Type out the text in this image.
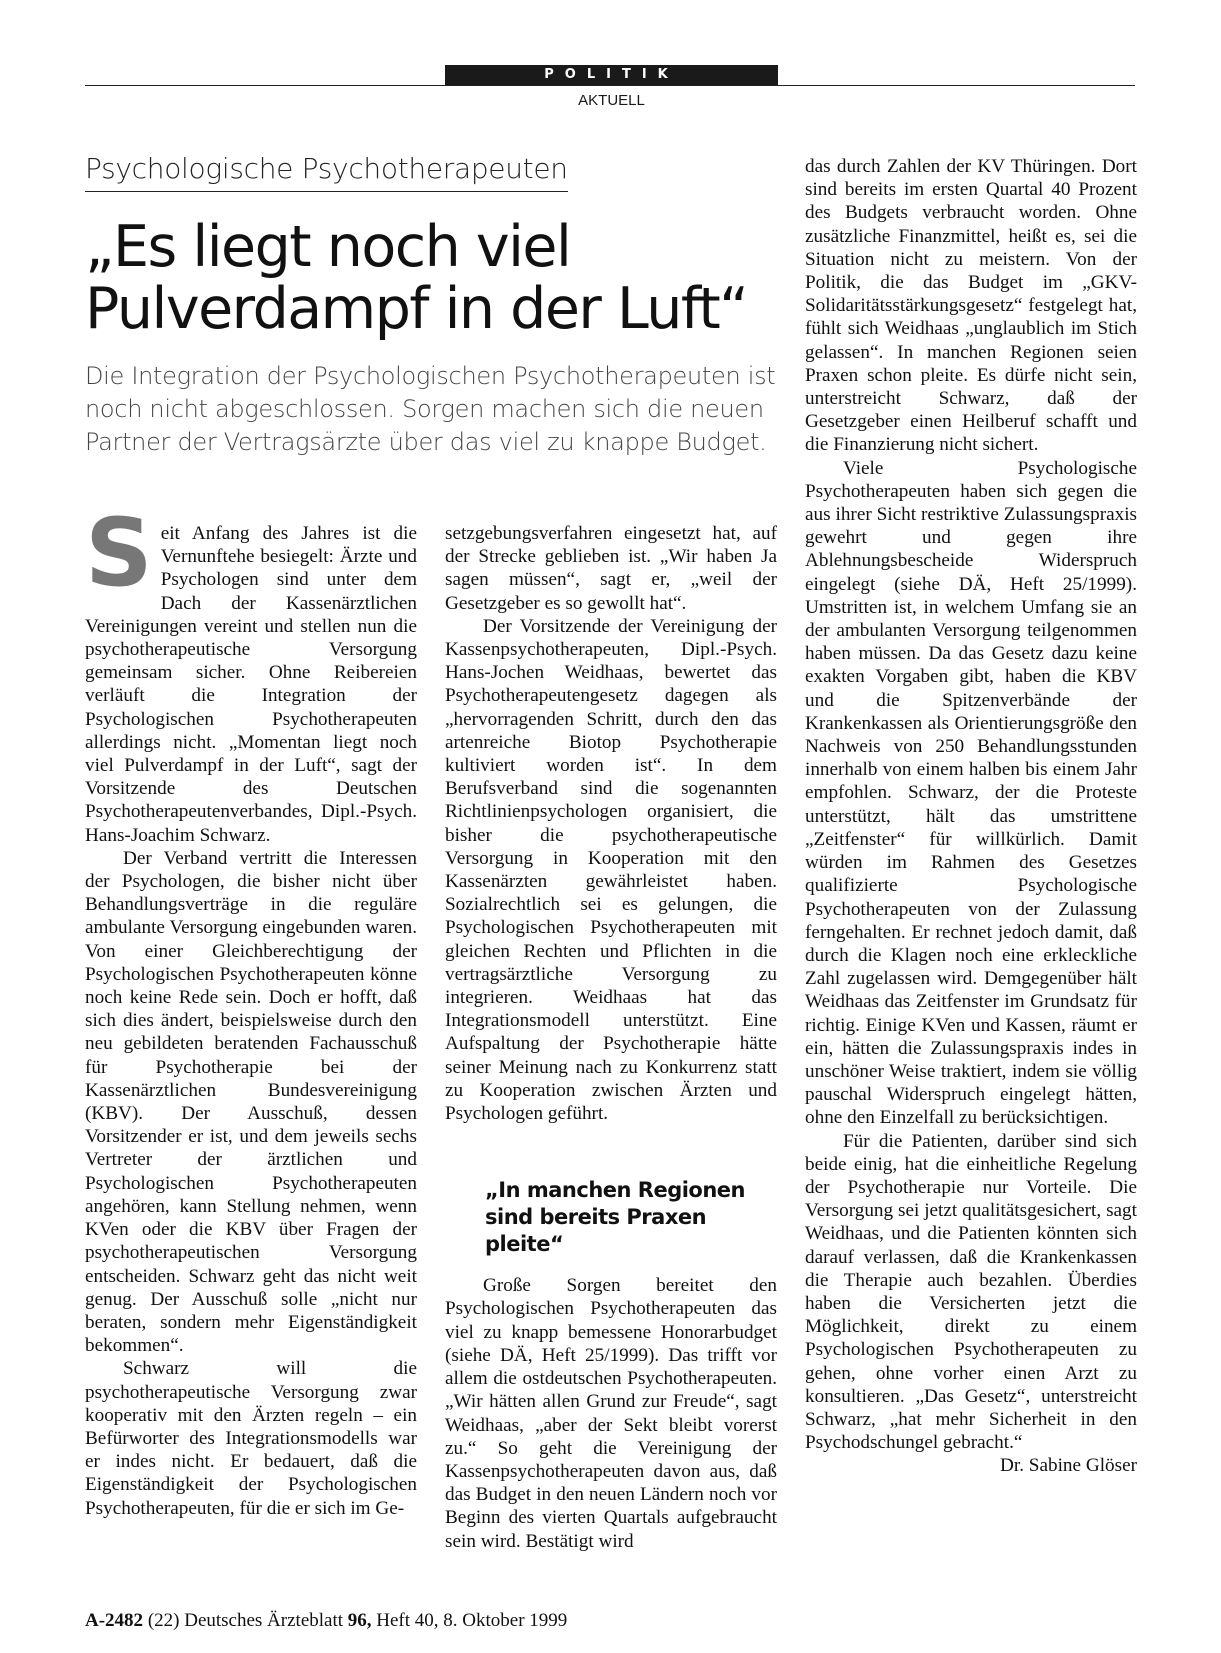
POLITIK
AKTUELL
Psychologische Psychotherapeuten
„Es liegt noch viel
Pulverdampf in der Luft“

Die Integration der Psychologischen Psychotherapeuten ist noch nicht abgeschlossen. Sorgen machen sich die neuen Partner der Vertragsärzte über das viel zu knappe Budget.

Seit Anfang des Jahres ist die Vernunftehe besiegelt: Ärzte und Psychologen sind unter dem Dach der Kassenärztlichen Vereinigungen vereint und stellen nun die psychotherapeutische Versorgung gemeinsam sicher. Ohne Reibereien verläuft die Integration der Psychologischen Psychotherapeuten allerdings nicht. „Momentan liegt noch viel Pulverdampf in der Luft“, sagt der Vorsitzende des Deutschen Psychotherapeutenverbandes, Dipl.-Psych. Hans-Joachim Schwarz.

Der Verband vertritt die Interessen der Psychologen, die bisher nicht über Behandlungsverträge in die reguläre ambulante Versorgung eingebunden waren. Von einer Gleichberechtigung der Psychologischen Psychotherapeuten könne noch keine Rede sein. Doch er hofft, daß sich dies ändert, beispielsweise durch den neu gebildeten beratenden Fachausschuß für Psychotherapie bei der Kassenärztlichen Bundesvereinigung (KBV). Der Ausschuß, dessen Vorsitzender er ist, und dem jeweils sechs Vertreter der ärztlichen und Psychologischen Psychotherapeuten angehören, kann Stellung nehmen, wenn KVen oder die KBV über Fragen der psychotherapeutischen Versorgung entscheiden. Schwarz geht das nicht weit genug. Der Ausschuß solle „nicht nur beraten, sondern mehr Eigenständigkeit bekommen“.

Schwarz will die psychotherapeutische Versorgung zwar kooperativ mit den Ärzten regeln – ein Befürworter des Integrationsmodells war er indes nicht. Er bedauert, daß die Eigenständigkeit der Psychologischen Psychotherapeuten, für die er sich im Ge-

setzgebungsverfahren eingesetzt hat, auf der Strecke geblieben ist. „Wir haben Ja sagen müssen“, sagt er, „weil der Gesetzgeber es so gewollt hat“.

Der Vorsitzende der Vereinigung der Kassenpsychotherapeuten, Dipl.-Psych. Hans-Jochen Weidhaas, bewertet das Psychotherapeutengesetz dagegen als „hervorragenden Schritt, durch den das artenreiche Biotop Psychotherapie kultiviert worden ist“. In dem Berufsverband sind die sogenannten Richtlinienpsychologen organisiert, die bisher die psychotherapeutische Versorgung in Kooperation mit den Kassenärzten gewährleistet haben. Sozialrechtlich sei es gelungen, die Psychologischen Psychotherapeuten mit gleichen Rechten und Pflichten in die vertragsärztliche Versorgung zu integrieren. Weidhaas hat das Integrationsmodell unterstützt. Eine Aufspaltung der Psychotherapie hätte seiner Meinung nach zu Konkurrenz statt zu Kooperation zwischen Ärzten und Psychologen geführt.

„In manchen Regionen
sind bereits Praxen pleite“

Große Sorgen bereitet den Psychologischen Psychotherapeuten das viel zu knapp bemessene Honorarbudget (siehe DÄ, Heft 25/1999). Das trifft vor allem die ostdeutschen Psychotherapeuten. „Wir hätten allen Grund zur Freude“, sagt Weidhaas, „aber der Sekt bleibt vorerst zu.“ So geht die Vereinigung der Kassenpsychotherapeuten davon aus, daß das Budget in den neuen Ländern noch vor Beginn des vierten Quartals aufgebraucht sein wird. Bestätigt wird

das durch Zahlen der KV Thüringen. Dort sind bereits im ersten Quartal 40 Prozent des Budgets verbraucht worden. Ohne zusätzliche Finanzmittel, heißt es, sei die Situation nicht zu meistern. Von der Politik, die das Budget im „GKV-Solidaritätsstärkungsgesetz“ festgelegt hat, fühlt sich Weidhaas „unglaublich im Stich gelassen“. In manchen Regionen seien Praxen schon pleite. Es dürfe nicht sein, unterstreicht Schwarz, daß der Gesetzgeber einen Heilberuf schafft und die Finanzierung nicht sichert.

Viele Psychologische Psychotherapeuten haben sich gegen die aus ihrer Sicht restriktive Zulassungspraxis gewehrt und gegen ihre Ablehnungsbescheide Widerspruch eingelegt (siehe DÄ, Heft 25/1999). Umstritten ist, in welchem Umfang sie an der ambulanten Versorgung teilgenommen haben müssen. Da das Gesetz dazu keine exakten Vorgaben gibt, haben die KBV und die Spitzenverbände der Krankenkassen als Orientierungsgröße den Nachweis von 250 Behandlungsstunden innerhalb von einem halben bis einem Jahr empfohlen. Schwarz, der die Proteste unterstützt, hält das umstrittene „Zeitfenster“ für willkürlich. Damit würden im Rahmen des Gesetzes qualifizierte Psychologische Psychotherapeuten von der Zulassung ferngehalten. Er rechnet jedoch damit, daß durch die Klagen noch eine erkleckliche Zahl zugelassen wird. Demgegenüber hält Weidhaas das Zeitfenster im Grundsatz für richtig. Einige KVen und Kassen, räumt er ein, hätten die Zulassungspraxis indes in unschöner Weise traktiert, indem sie völlig pauschal Widerspruch eingelegt hätten, ohne den Einzelfall zu berücksichtigen.

Für die Patienten, darüber sind sich beide einig, hat die einheitliche Regelung der Psychotherapie nur Vorteile. Die Versorgung sei jetzt qualitätsgesichert, sagt Weidhaas, und die Patienten könnten sich darauf verlassen, daß die Krankenkassen die Therapie auch bezahlen. Überdies haben die Versicherten jetzt die Möglichkeit, direkt zu einem Psychologischen Psychotherapeuten zu gehen, ohne vorher einen Arzt zu konsultieren. „Das Gesetz“, unterstreicht Schwarz, „hat mehr Sicherheit in den Psychodschungel gebracht.“
Dr. Sabine Glöser

A-2482 (22) Deutsches Ärzteblatt 96, Heft 40, 8. Oktober 1999
